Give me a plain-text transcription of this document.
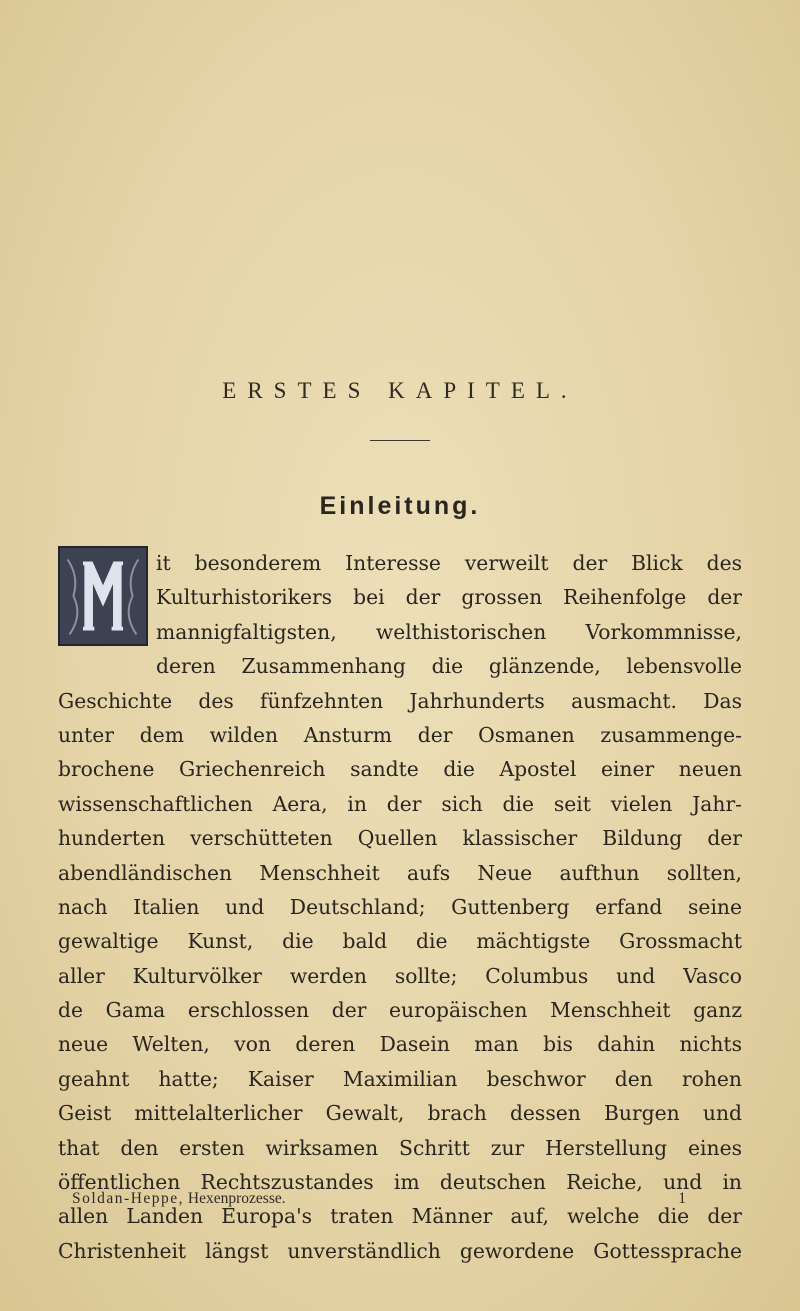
ERSTES KAPITEL.
Einleitung.
M
it besonderem Interesse verweilt der Blick des
Kulturhistorikers bei der grossen Reihenfolge der
mannigfaltigsten, welthistorischen Vorkommnisse,
deren Zusammenhang die glänzende, lebensvolle
Geschichte des fünfzehnten Jahrhunderts ausmacht. Das
unter dem wilden Ansturm der Osmanen zusammenge-
brochene Griechenreich sandte die Apostel einer neuen
wissenschaftlichen Aera, in der sich die seit vielen Jahr-
hunderten verschütteten Quellen klassischer Bildung der
abendländischen Menschheit aufs Neue aufthun sollten,
nach Italien und Deutschland; Guttenberg erfand seine
gewaltige Kunst, die bald die mächtigste Grossmacht
aller Kulturvölker werden sollte; Columbus und Vasco
de Gama erschlossen der europäischen Menschheit ganz
neue Welten, von deren Dasein man bis dahin nichts
geahnt hatte; Kaiser Maximilian beschwor den rohen
Geist mittelalterlicher Gewalt, brach dessen Burgen und
that den ersten wirksamen Schritt zur Herstellung eines
öffentlichen Rechtszustandes im deutschen Reiche, und in
allen Landen Europa's traten Männer auf, welche die der
Christenheit längst unverständlich gewordene Gottessprache
Soldan-Heppe, Hexenprozesse.	1
